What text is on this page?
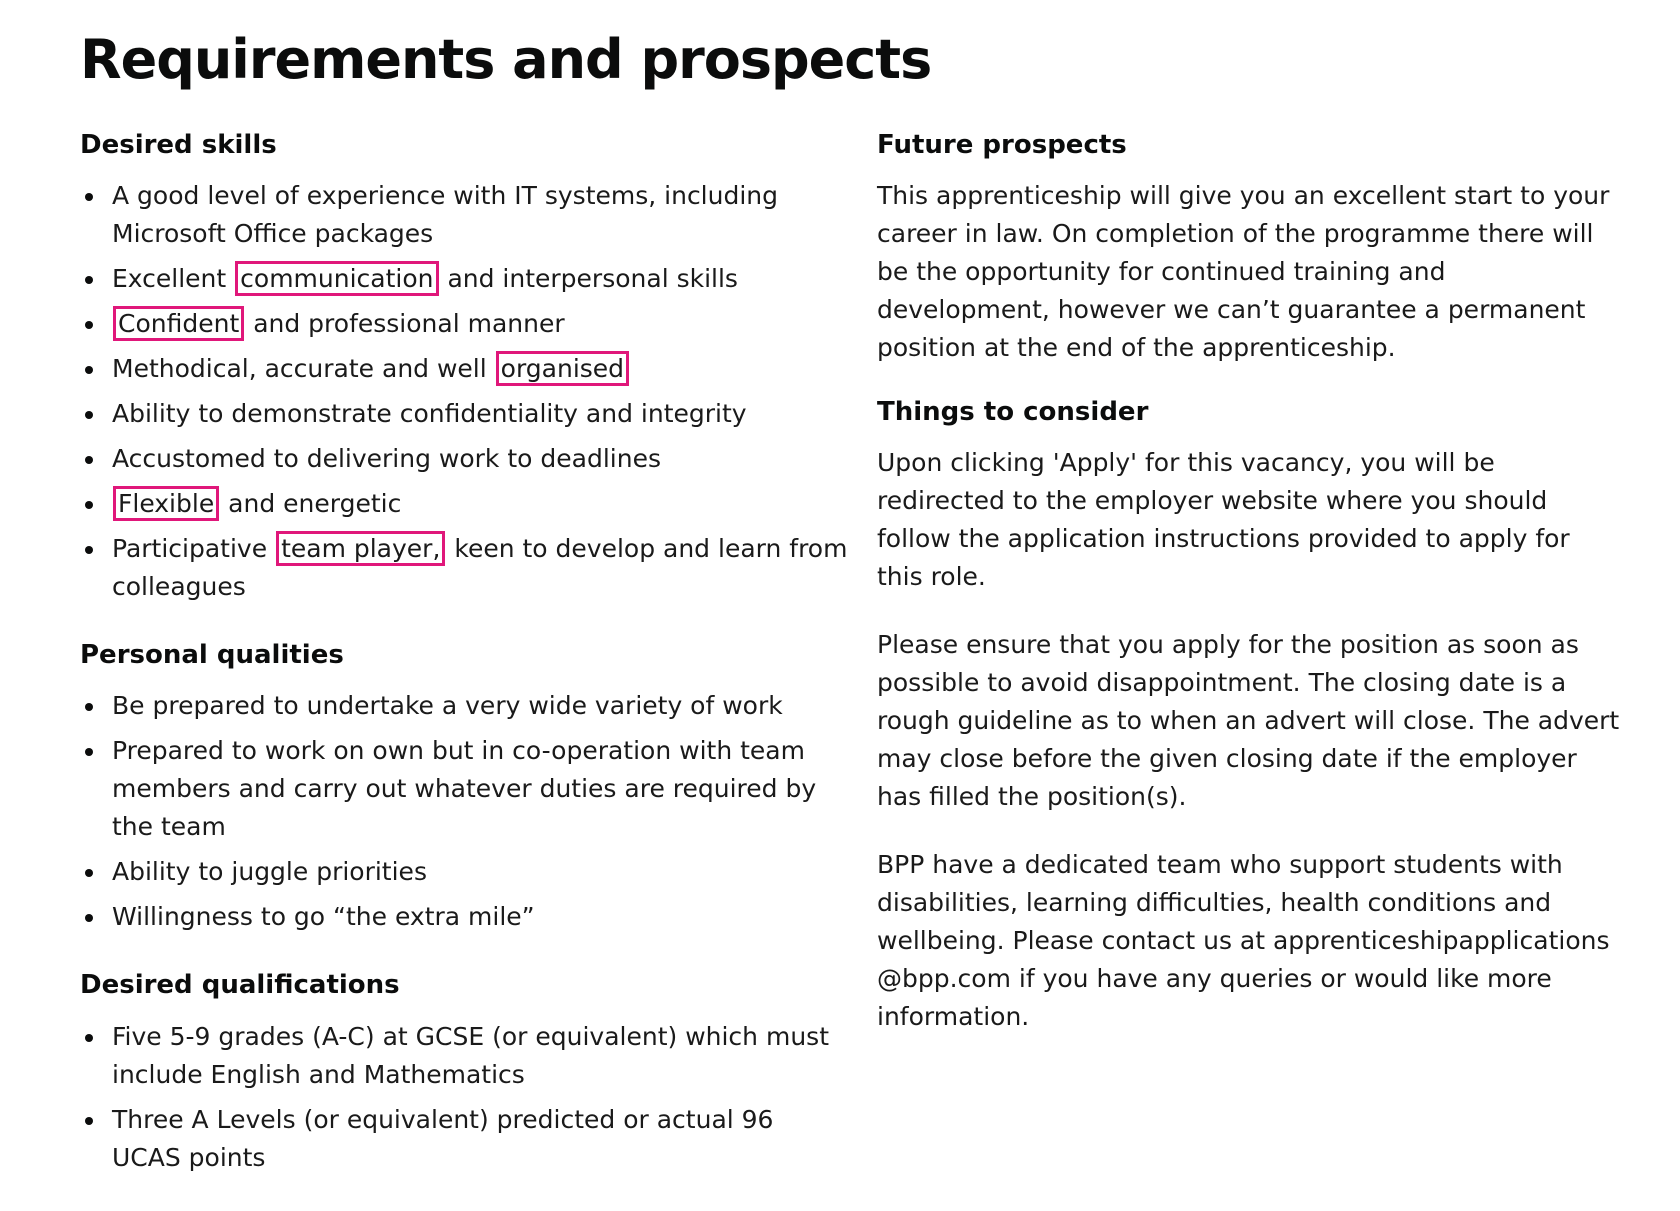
Requirements and prospects
Desired skills
A good level of experience with IT systems, including Microsoft Office packages
Excellent communication and interpersonal skills
Confident and professional manner
Methodical, accurate and well organised
Ability to demonstrate confidentiality and integrity
Accustomed to delivering work to deadlines
Flexible and energetic
Participative team player, keen to develop and learn from colleagues
Personal qualities
Be prepared to undertake a very wide variety of work
Prepared to work on own but in co-operation with team members and carry out whatever duties are required by the team
Ability to juggle priorities
Willingness to go “the extra mile”
Desired qualifications
Five 5-9 grades (A-C) at GCSE (or equivalent) which must include English and Mathematics
Three A Levels (or equivalent) predicted or actual 96 UCAS points
Future prospects

This apprenticeship will give you an excellent start to your career in law. On completion of the programme there will be the opportunity for continued training and development, however we can’t guarantee a permanent position at the end of the apprenticeship.

Things to consider

Upon clicking 'Apply' for this vacancy, you will be redirected to the employer website where you should follow the application instructions provided to apply for this role.

Please ensure that you apply for the position as soon as possible to avoid disappointment. The closing date is a rough guideline as to when an advert will close. The advert may close before the given closing date if the employer has filled the position(s).

BPP have a dedicated team who support students with disabilities, learning difficulties, health conditions and wellbeing. Please contact us at apprenticeshipapplications@bpp.com if you have any queries or would like more information.
